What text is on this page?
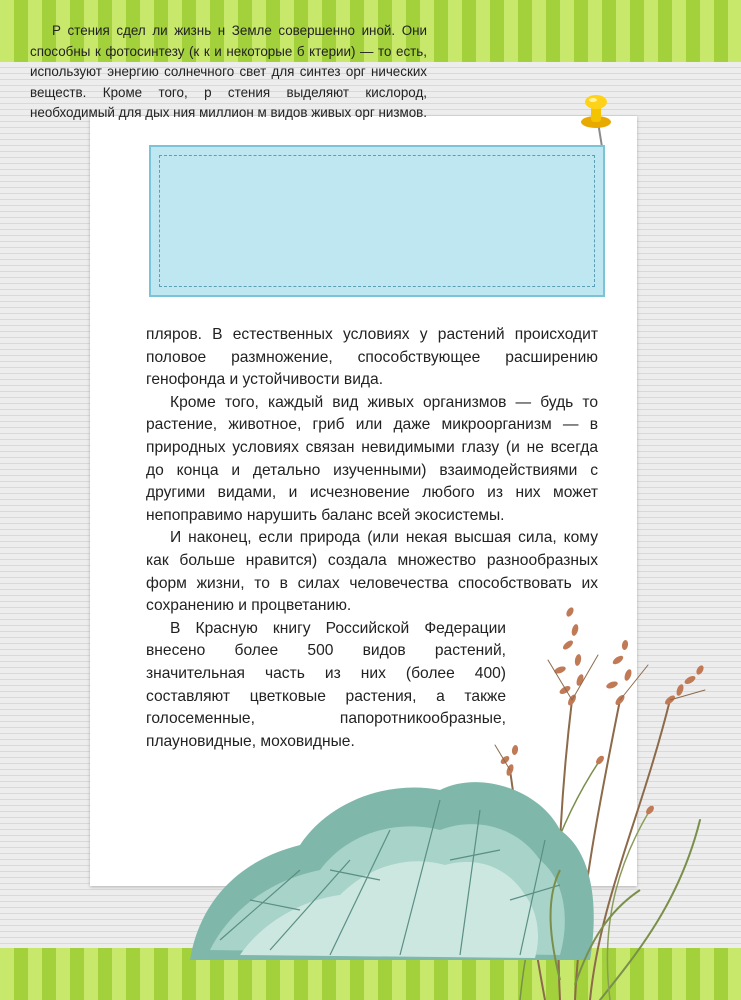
Р стения сдел ли жизнь н Земле совершенно иной. Они способны к фотосинтезу (к к и некоторые б ктерии) — то есть, используют энергию солнечного свет для синтез орг нических веществ. Кроме того, р стения выделяют кислород, необходимый для дых ния миллион м видов живых орг низмов.

пляров. В естественных условиях у растений происходит половое размножение, способствующее расширению генофонда и устойчивости вида.

Кроме того, каждый вид живых организмов — будь то растение, животное, гриб или даже микроорганизм — в природных условиях связан невидимыми глазу (и не всегда до конца и детально изученными) взаимодействиями с другими видами, и исчезновение любого из них может непоправимо нарушить баланс всей экосистемы.

И наконец, если природа (или некая высшая сила, кому как больше нравится) создала множество разнообразных форм жизни, то в силах человечества способствовать их сохранению и процветанию.

В Красную книгу Российской Федерации внесено более 500 видов растений, значительная часть из них (более 400) составляют цветковые растения, а также голосеменные, папоротникообразные, плауновидные, моховидные.
